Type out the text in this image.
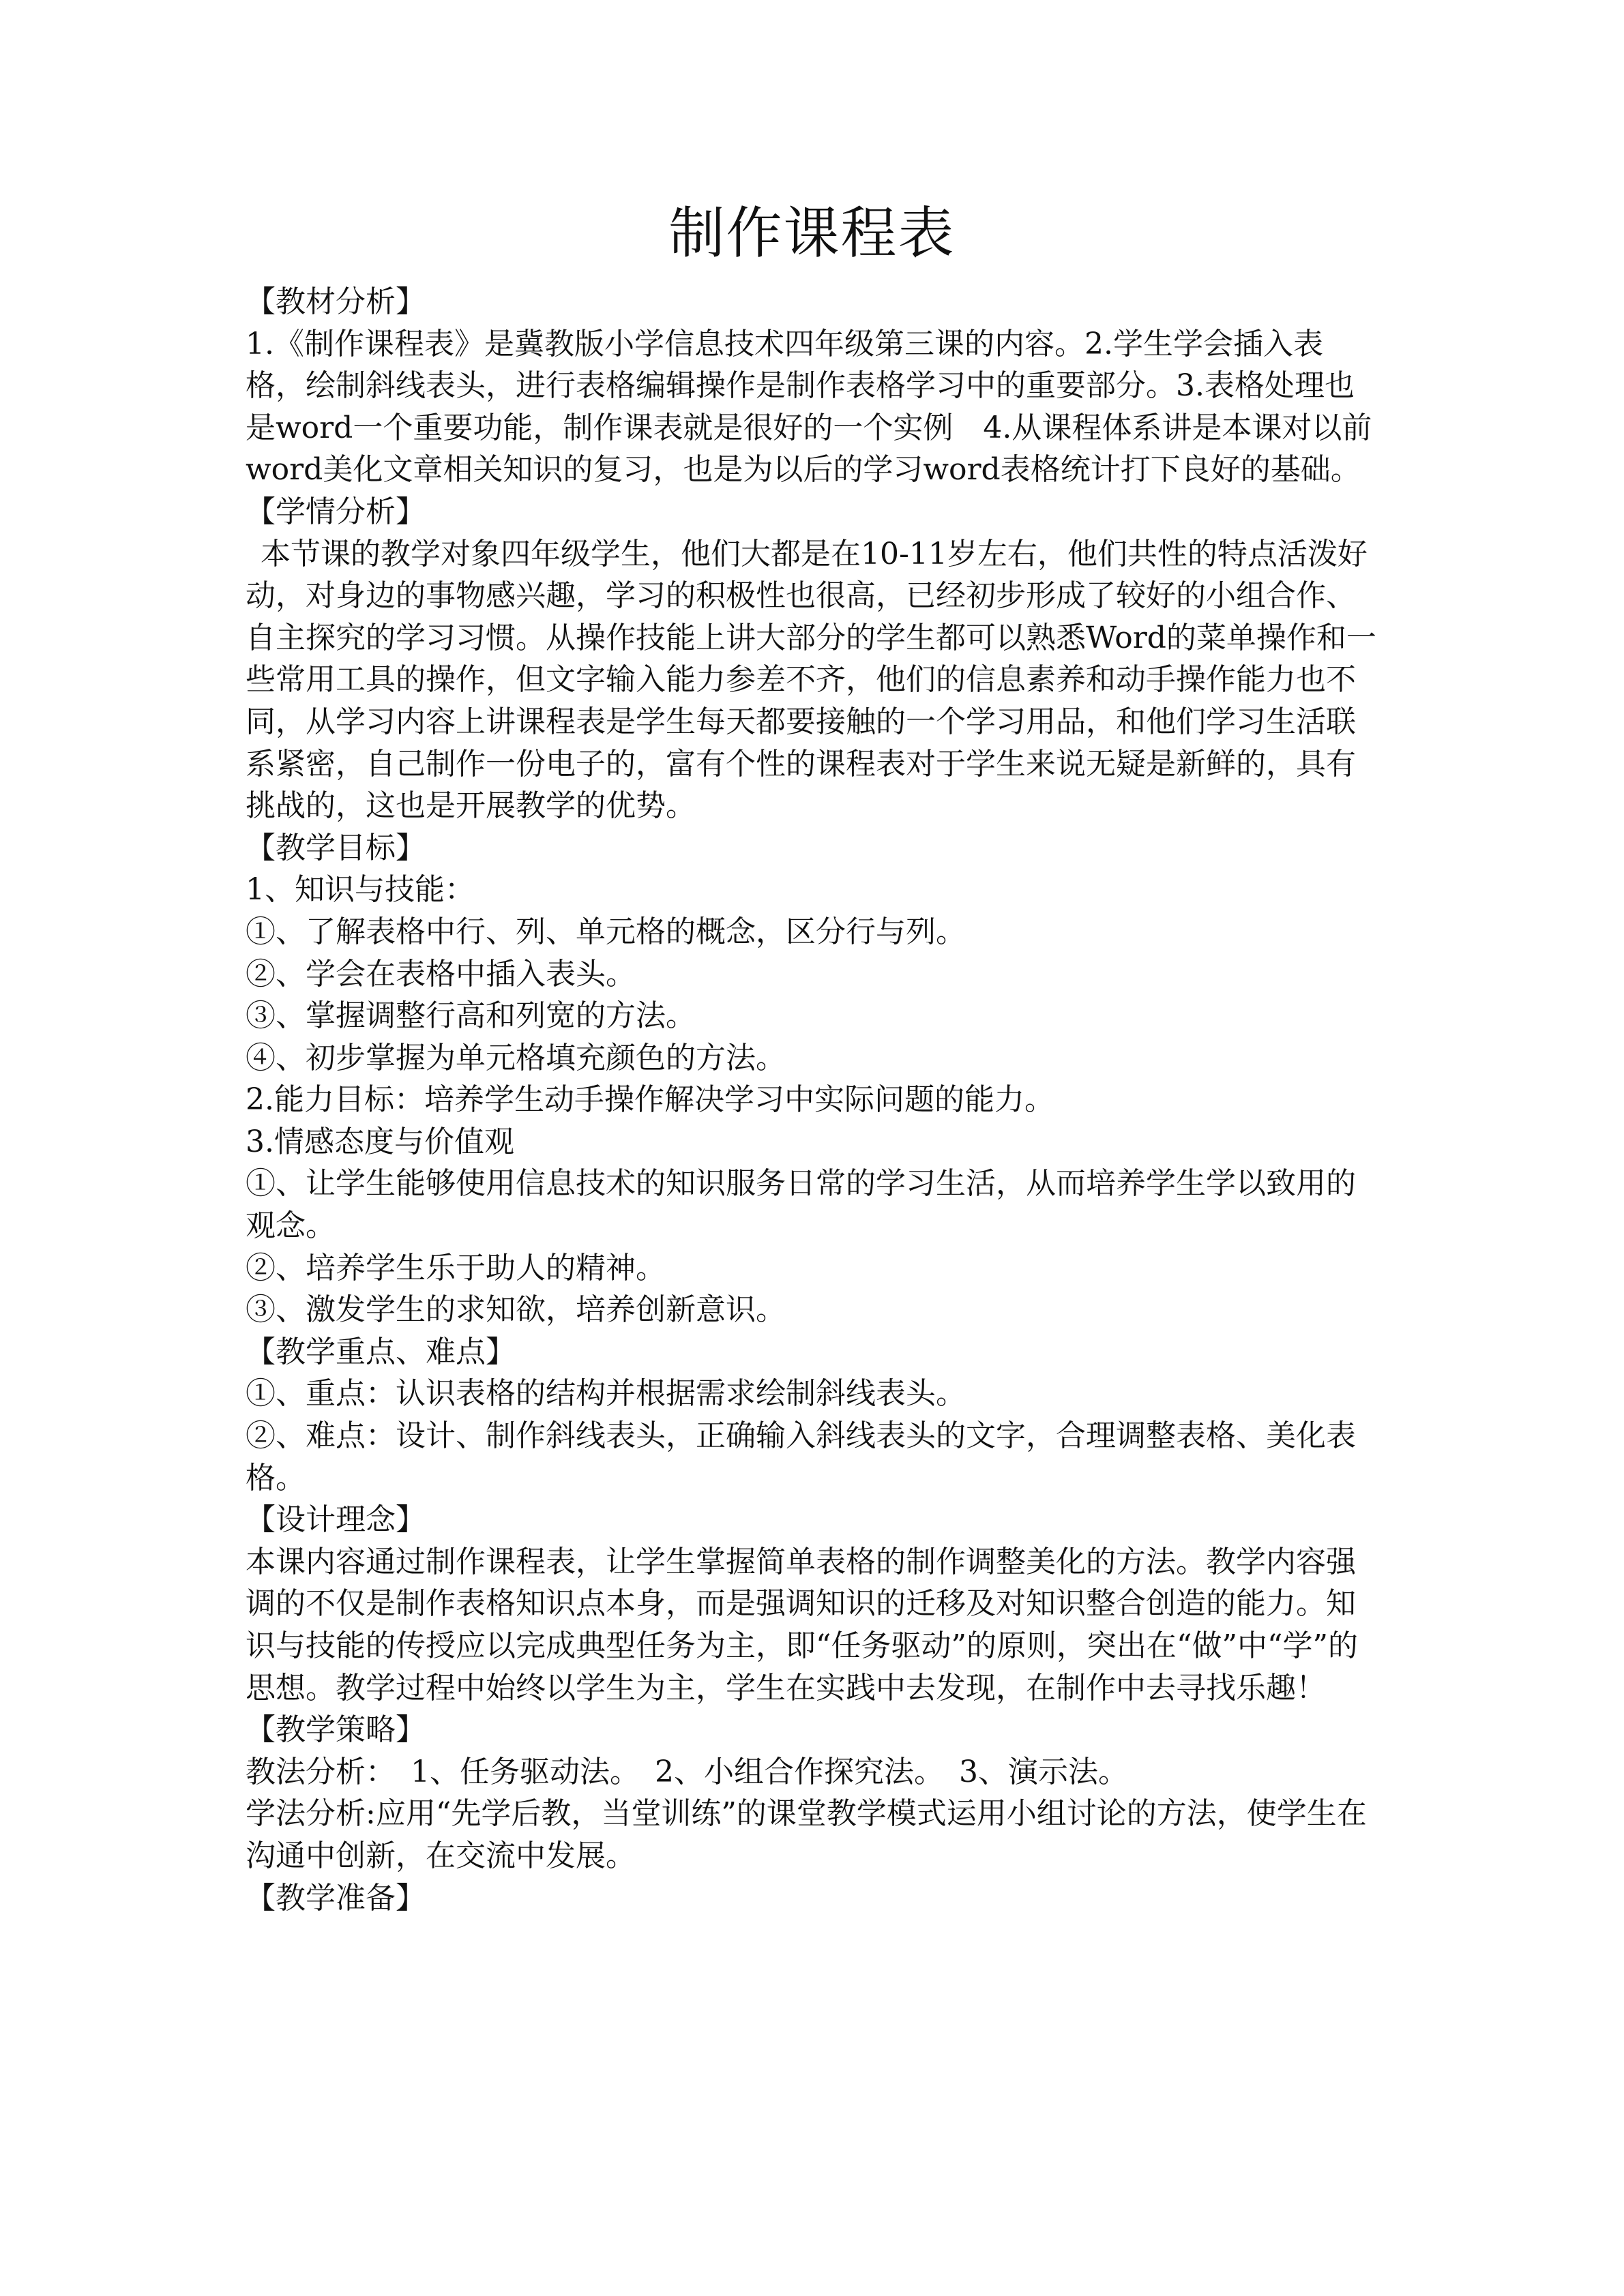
制作课程表

【教材分析】

1.《制作课程表》是冀教版小学信息技术四年级第三课的内容。2.学生学会插入表格，绘制斜线表头，进行表格编辑操作是制作表格学习中的重要部分。3.表格处理也是word一个重要功能，制作课表就是很好的一个实例　4.从课程体系讲是本课对以前word美化文章相关知识的复习，也是为以后的学习word表格统计打下良好的基础。

【学情分析】

本节课的教学对象四年级学生，他们大都是在10-11岁左右，他们共性的特点活泼好动，对身边的事物感兴趣，学习的积极性也很高，已经初步形成了较好的小组合作、自主探究的学习习惯。从操作技能上讲大部分的学生都可以熟悉Word的菜单操作和一些常用工具的操作，但文字输入能力参差不齐，他们的信息素养和动手操作能力也不同，从学习内容上讲课程表是学生每天都要接触的一个学习用品，和他们学习生活联系紧密，自己制作一份电子的，富有个性的课程表对于学生来说无疑是新鲜的，具有挑战的，这也是开展教学的优势。

【教学目标】

1、知识与技能：

①、了解表格中行、列、单元格的概念，区分行与列。

②、学会在表格中插入表头。

③、掌握调整行高和列宽的方法。

④、初步掌握为单元格填充颜色的方法。

2.能力目标：培养学生动手操作解决学习中实际问题的能力。

3.情感态度与价值观

①、让学生能够使用信息技术的知识服务日常的学习生活，从而培养学生学以致用的观念。

②、培养学生乐于助人的精神。

③、激发学生的求知欲，培养创新意识。

【教学重点、难点】

①、重点：认识表格的结构并根据需求绘制斜线表头。

②、难点：设计、制作斜线表头，正确输入斜线表头的文字，合理调整表格、美化表格。

【设计理念】

本课内容通过制作课程表，让学生掌握简单表格的制作调整美化的方法。教学内容强调的不仅是制作表格知识点本身，而是强调知识的迁移及对知识整合创造的能力。知识与技能的传授应以完成典型任务为主，即“任务驱动”的原则，突出在“做”中“学”的思想。教学过程中始终以学生为主，学生在实践中去发现，在制作中去寻找乐趣！

【教学策略】

教法分析：　1、任务驱动法。　2、小组合作探究法。　3、演示法。

学法分析:应用“先学后教，当堂训练”的课堂教学模式运用小组讨论的方法，使学生在沟通中创新，在交流中发展。

【教学准备】
